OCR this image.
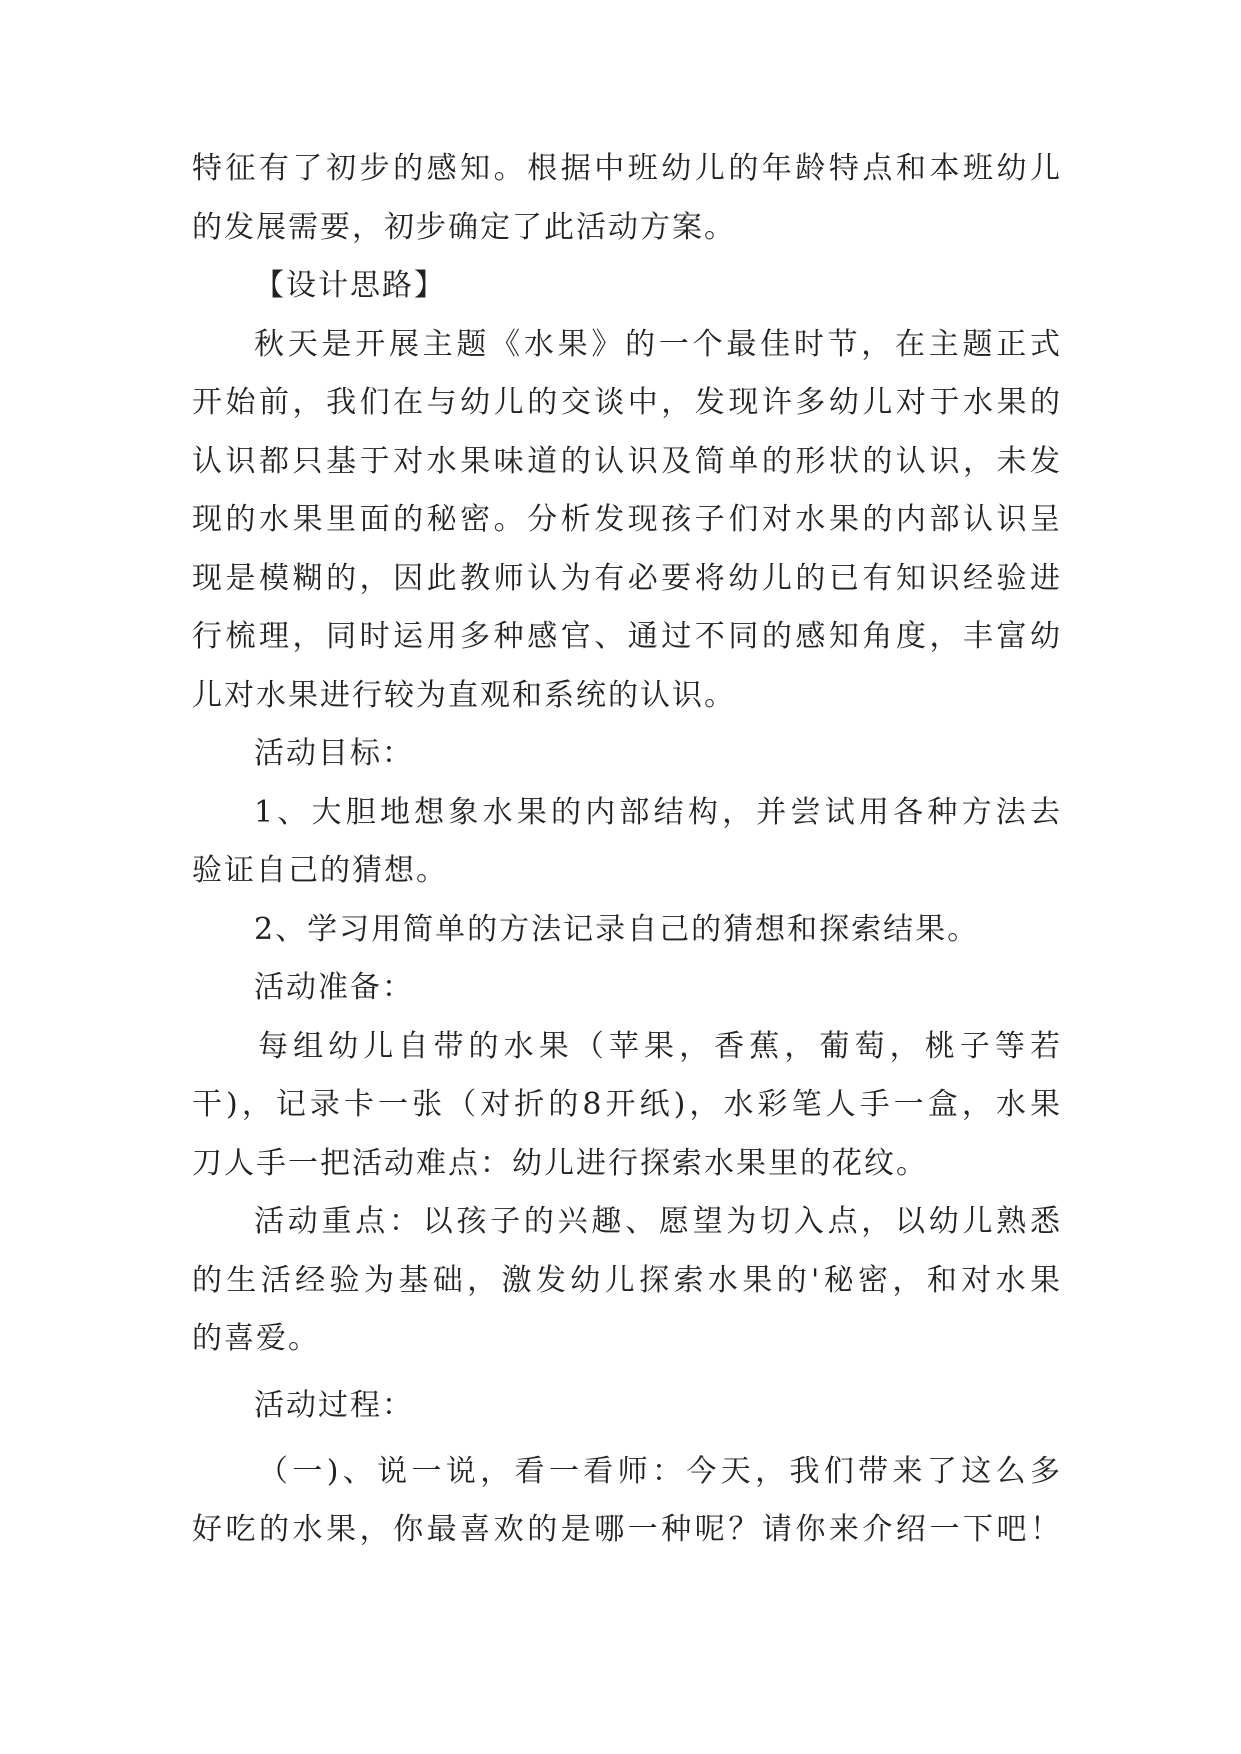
特征有了初步的感知。根据中班幼儿的年龄特点和本班幼儿
的发展需要，初步确定了此活动方案。
【设计思路】
秋天是开展主题《水果》的一个最佳时节，在主题正式
开始前，我们在与幼儿的交谈中，发现许多幼儿对于水果的
认识都只基于对水果味道的认识及简单的形状的认识，未发
现的水果里面的秘密。分析发现孩子们对水果的内部认识呈
现是模糊的，因此教师认为有必要将幼儿的已有知识经验进
行梳理，同时运用多种感官、通过不同的感知角度，丰富幼
儿对水果进行较为直观和系统的认识。
活动目标：
1、大胆地想象水果的内部结构，并尝试用各种方法去
验证自己的猜想。
2、学习用简单的方法记录自己的猜想和探索结果。
活动准备：
每组幼儿自带的水果（苹果，香蕉，葡萄，桃子等若
干)，记录卡一张（对折的8开纸)，水彩笔人手一盒，水果
刀人手一把活动难点：幼儿进行探索水果里的花纹。
活动重点：以孩子的兴趣、愿望为切入点，以幼儿熟悉
的生活经验为基础，激发幼儿探索水果的'秘密，和对水果
的喜爱。
活动过程：
（一)、说一说，看一看师：今天，我们带来了这么多
好吃的水果，你最喜欢的是哪一种呢？请你来介绍一下吧！
